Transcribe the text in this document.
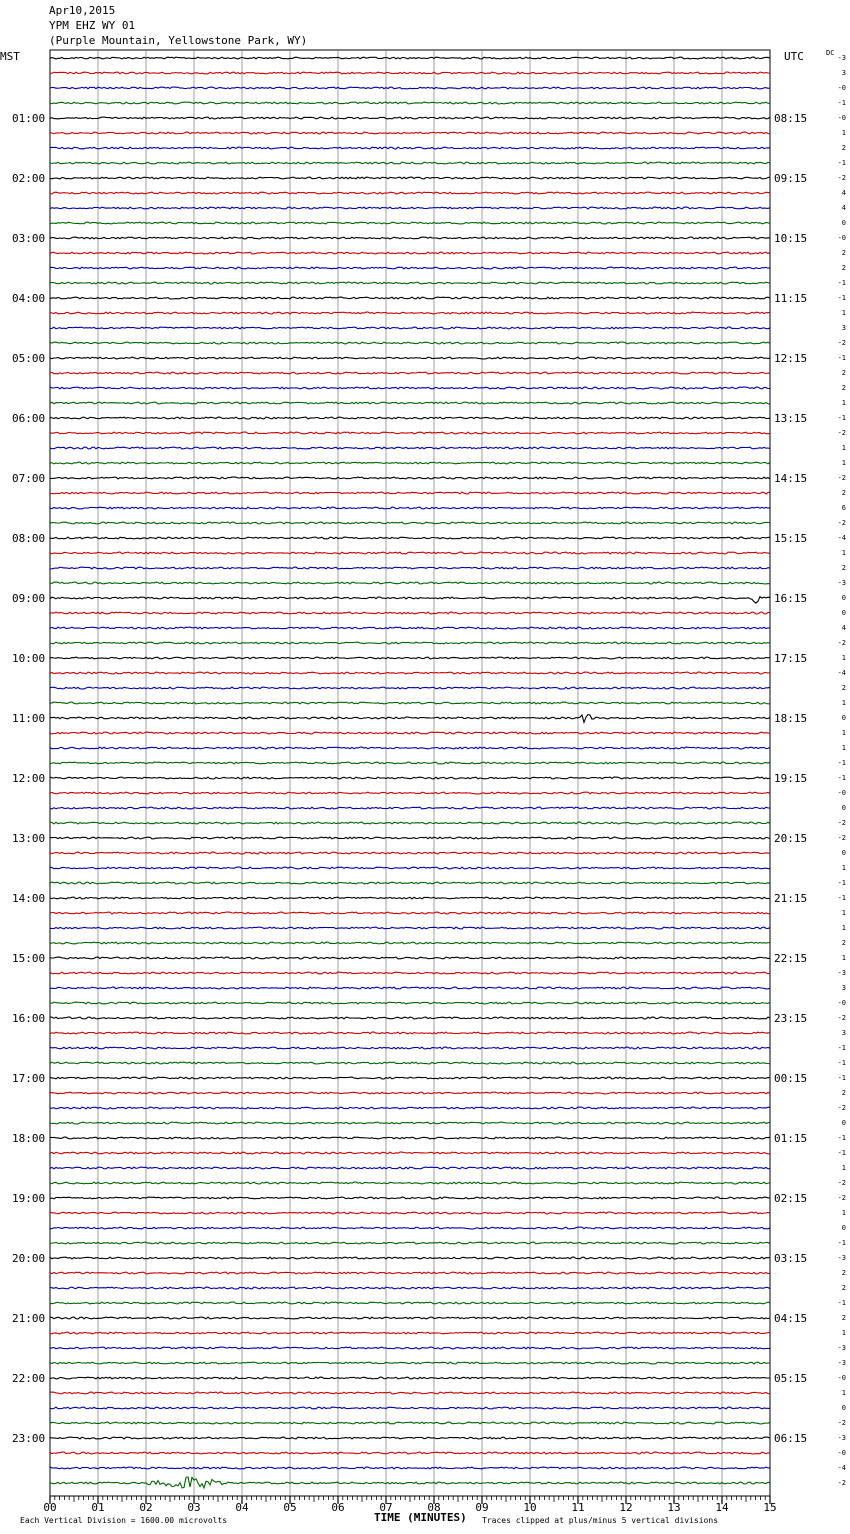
Apr10,2015
YPM EHZ WY 01
(Purple Mountain, Yellowstone Park, WY)
MST	UTC	DC
01:00
02:00
03:00
04:00
05:00
06:00
07:00
08:00
09:00
10:00
11:00
12:00
13:00
14:00
15:00
16:00
17:00
18:00
19:00
20:00
21:00
22:00
23:00
08:15
09:15
10:15
11:15
12:15
13:15
14:15
15:15
16:15
17:15
18:15
19:15
20:15
21:15
22:15
23:15
00:15
01:15
02:15
03:15
04:15
05:15
06:15
-3
3
-0
-1
-0
1
2
-1
-2
4
4
0
-0
2
2
-1
-1
1
3
-2
-1
2
2
1
-1
-2
1
1
-2
2
6
-2
-4
1
2
-3
0
0
4
-2
1
-4
2
1
0
1
1
-1
-1
-0
0
-2
-2
0
1
-1
-1
1
1
2
1
-3
3
-0
-2
3
-1
-1
-1
2
-2
0
-1
-1
1
-2
-2
1
0
-1
-3
2
2
-1
2
1
-3
-3
-0
1
0
-2
-3
-0
-4
-2
00	01	02	03	04	05	06	07	08	09	10	11	12	13	14	15
Each Vertical Division = 1600.00 microvolts	TIME (MINUTES) Traces clipped at plus/minus 5 vertical divisions
